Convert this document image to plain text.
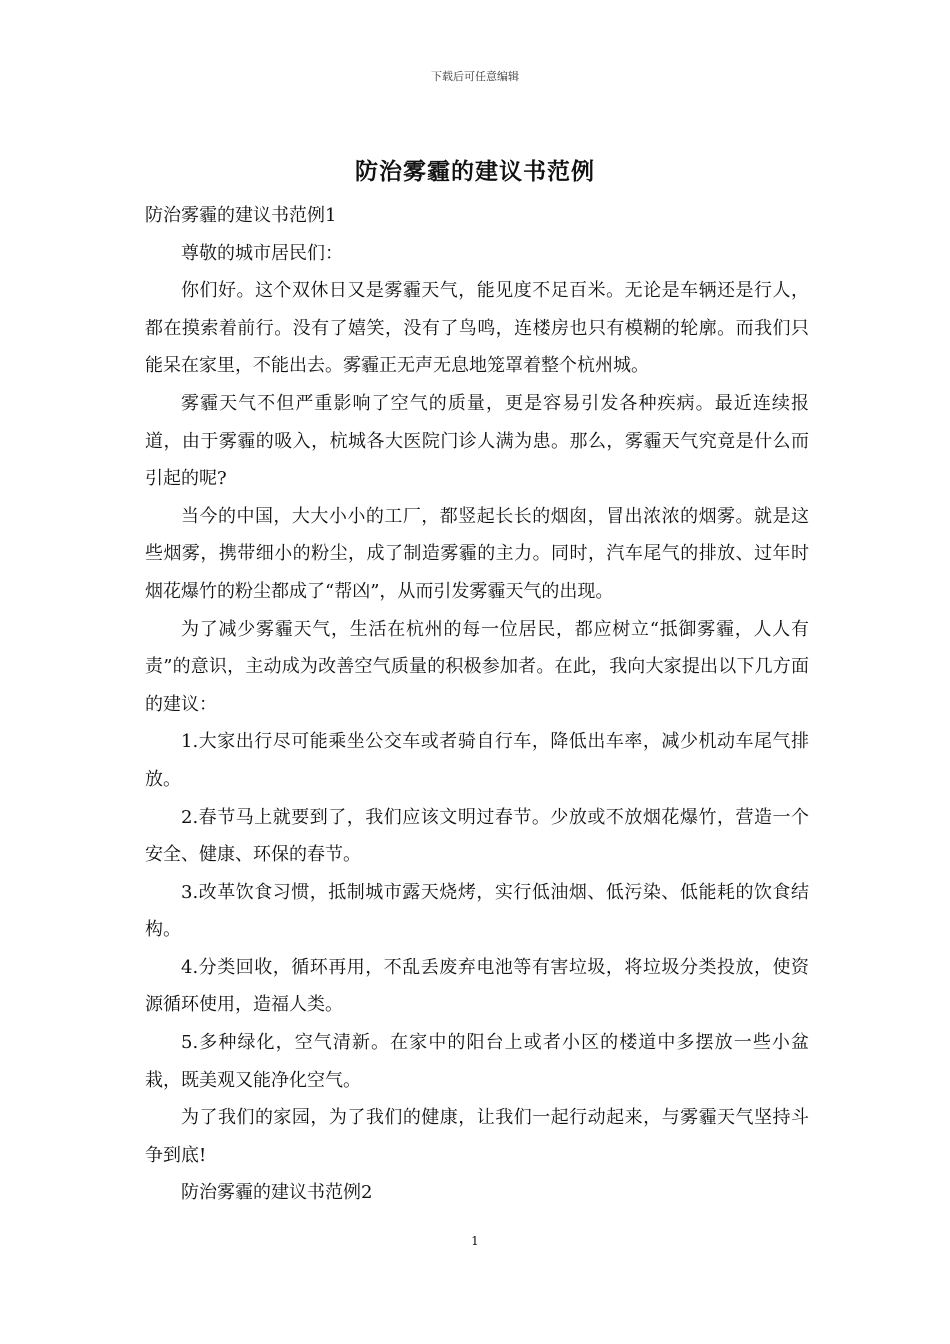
下载后可任意编辑
防治雾霾的建议书范例

防治雾霾的建议书范例1

尊敬的城市居民们：

你们好。这个双休日又是雾霾天气，能见度不足百米。无论是车辆还是行人，都在摸索着前行。没有了嬉笑，没有了鸟鸣，连楼房也只有模糊的轮廓。而我们只能呆在家里，不能出去。雾霾正无声无息地笼罩着整个杭州城。

雾霾天气不但严重影响了空气的质量，更是容易引发各种疾病。最近连续报道，由于雾霾的吸入，杭城各大医院门诊人满为患。那么，雾霾天气究竟是什么而引起的呢?

当今的中国，大大小小的工厂，都竖起长长的烟囱，冒出浓浓的烟雾。就是这些烟雾，携带细小的粉尘，成了制造雾霾的主力。同时，汽车尾气的排放、过年时烟花爆竹的粉尘都成了“帮凶”，从而引发雾霾天气的出现。

为了减少雾霾天气，生活在杭州的每一位居民，都应树立“抵御雾霾，人人有责”的意识，主动成为改善空气质量的积极参加者。在此，我向大家提出以下几方面的建议：

1.大家出行尽可能乘坐公交车或者骑自行车，降低出车率，减少机动车尾气排放。

2.春节马上就要到了，我们应该文明过春节。少放或不放烟花爆竹，营造一个安全、健康、环保的春节。

3.改革饮食习惯，抵制城市露天烧烤，实行低油烟、低污染、低能耗的饮食结构。

4.分类回收，循环再用，不乱丢废弃电池等有害垃圾，将垃圾分类投放，使资源循环使用，造福人类。

5.多种绿化，空气清新。在家中的阳台上或者小区的楼道中多摆放一些小盆栽，既美观又能净化空气。

为了我们的家园，为了我们的健康，让我们一起行动起来，与雾霾天气坚持斗争到底!

防治雾霾的建议书范例2

1
